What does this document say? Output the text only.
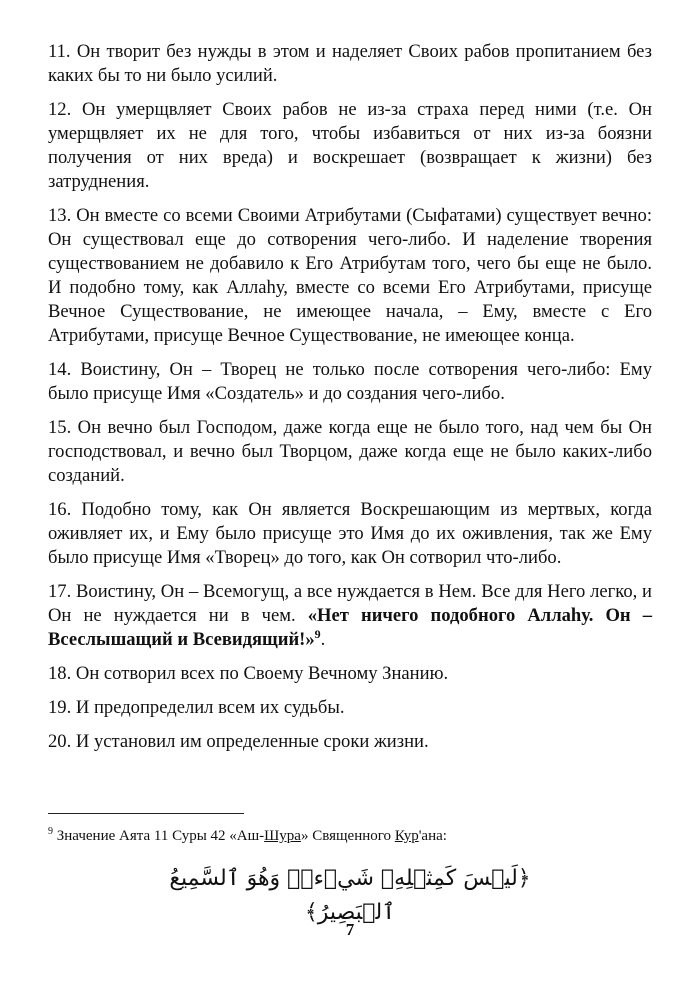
11. Он творит без нужды в этом и наделяет Своих рабов пропитанием без каких бы то ни было усилий.

12. Он умерщвляет Своих рабов не из-за страха перед ними (т.е. Он умерщвляет их не для того, чтобы избавиться от них из-за боязни получения от них вреда) и воскрешает (возвращает к жизни) без затруднения.

13. Он вместе со всеми Своими Атрибутами (Сыфатами) существует вечно: Он существовал еще до сотворения чего-либо. И наделение творения существованием не добавило к Его Атрибутам того, чего бы еще не было. И подобно тому, как Аллаhу, вместе со всеми Его Атрибутами, присуще Вечное Существование, не имеющее начала, – Ему, вместе с Его Атрибутами, присуще Вечное Существование, не имеющее конца.

14. Воистину, Он – Творец не только после сотворения чего-либо: Ему было присуще Имя «Создатель» и до создания чего-либо.

15. Он вечно был Господом, даже когда еще не было того, над чем бы Он господствовал, и вечно был Творцом, даже когда еще не было каких-либо созданий.

16. Подобно тому, как Он является Воскрешающим из мертвых, когда оживляет их, и Ему было присуще это Имя до их оживления, так же Ему было присуще Имя «Творец» до того, как Он сотворил что-либо.

17. Воистину, Он – Всемогущ, а все нуждается в Нем. Все для Него легко, и Он не нуждается ни в чем. «Нет ничего подобного Аллаhу. Он – Всеслышащий и Всевидящий!»$^9$.

18. Он сотворил всех по Своему Вечному Знанию.

19. И предопределил всем их судьбы.

20. И установил им определенные сроки жизни.

$^9$ Значение Аята 11 Суры 42 «Аш-Шура» Священного Кур'ана:
﴿لَيۡسَ كَمِثۡلِهِۦ شَيۡءٞۖ وَهُوَ ٱلسَّمِيعُ ٱلۡبَصِيرُ﴾
7
